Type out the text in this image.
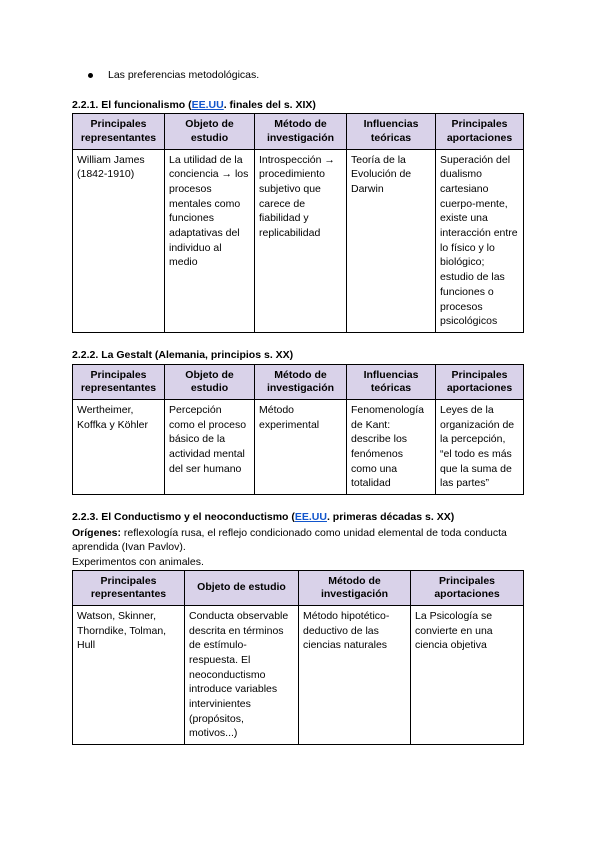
Las preferencias metodológicas.
2.2.1. El funcionalismo (EE.UU. finales del s. XIX)
Principales representantes	Objeto de estudio	Método de investigación	Influencias teóricas	Principales aportaciones
William James (1842-1910)	La utilidad de la conciencia → los procesos mentales como funciones adaptativas del individuo al medio	Introspección → procedimiento subjetivo que carece de fiabilidad y replicabilidad	Teoría de la Evolución de Darwin	Superación del dualismo cartesiano cuerpo-mente, existe una interacción entre lo físico y lo biológico; estudio de las funciones o procesos psicológicos
2.2.2. La Gestalt (Alemania, principios s. XX)
Principales representantes	Objeto de estudio	Método de investigación	Influencias teóricas	Principales aportaciones
Wertheimer, Koffka y Köhler	Percepción como el proceso básico de la actividad mental del ser humano	Método experimental	Fenomenología de Kant: describe los fenómenos como una totalidad	Leyes de la organización de la percepción, “el todo es más que la suma de las partes”
2.2.3. El Conductismo y el neoconductismo (EE.UU. primeras décadas s. XX)

Orígenes: reflexología rusa, el reflejo condicionado como unidad elemental de toda conducta aprendida (Ivan Pavlov).

Experimentos con animales.

Principales representantes	Objeto de estudio	Método de investigación	Principales aportaciones
Watson, Skinner, Thorndike, Tolman, Hull	Conducta observable descrita en términos de estímulo-respuesta. El neoconductismo introduce variables intervinientes (propósitos, motivos...)	Método hipotético-deductivo de las ciencias naturales	La Psicología se convierte en una ciencia objetiva
